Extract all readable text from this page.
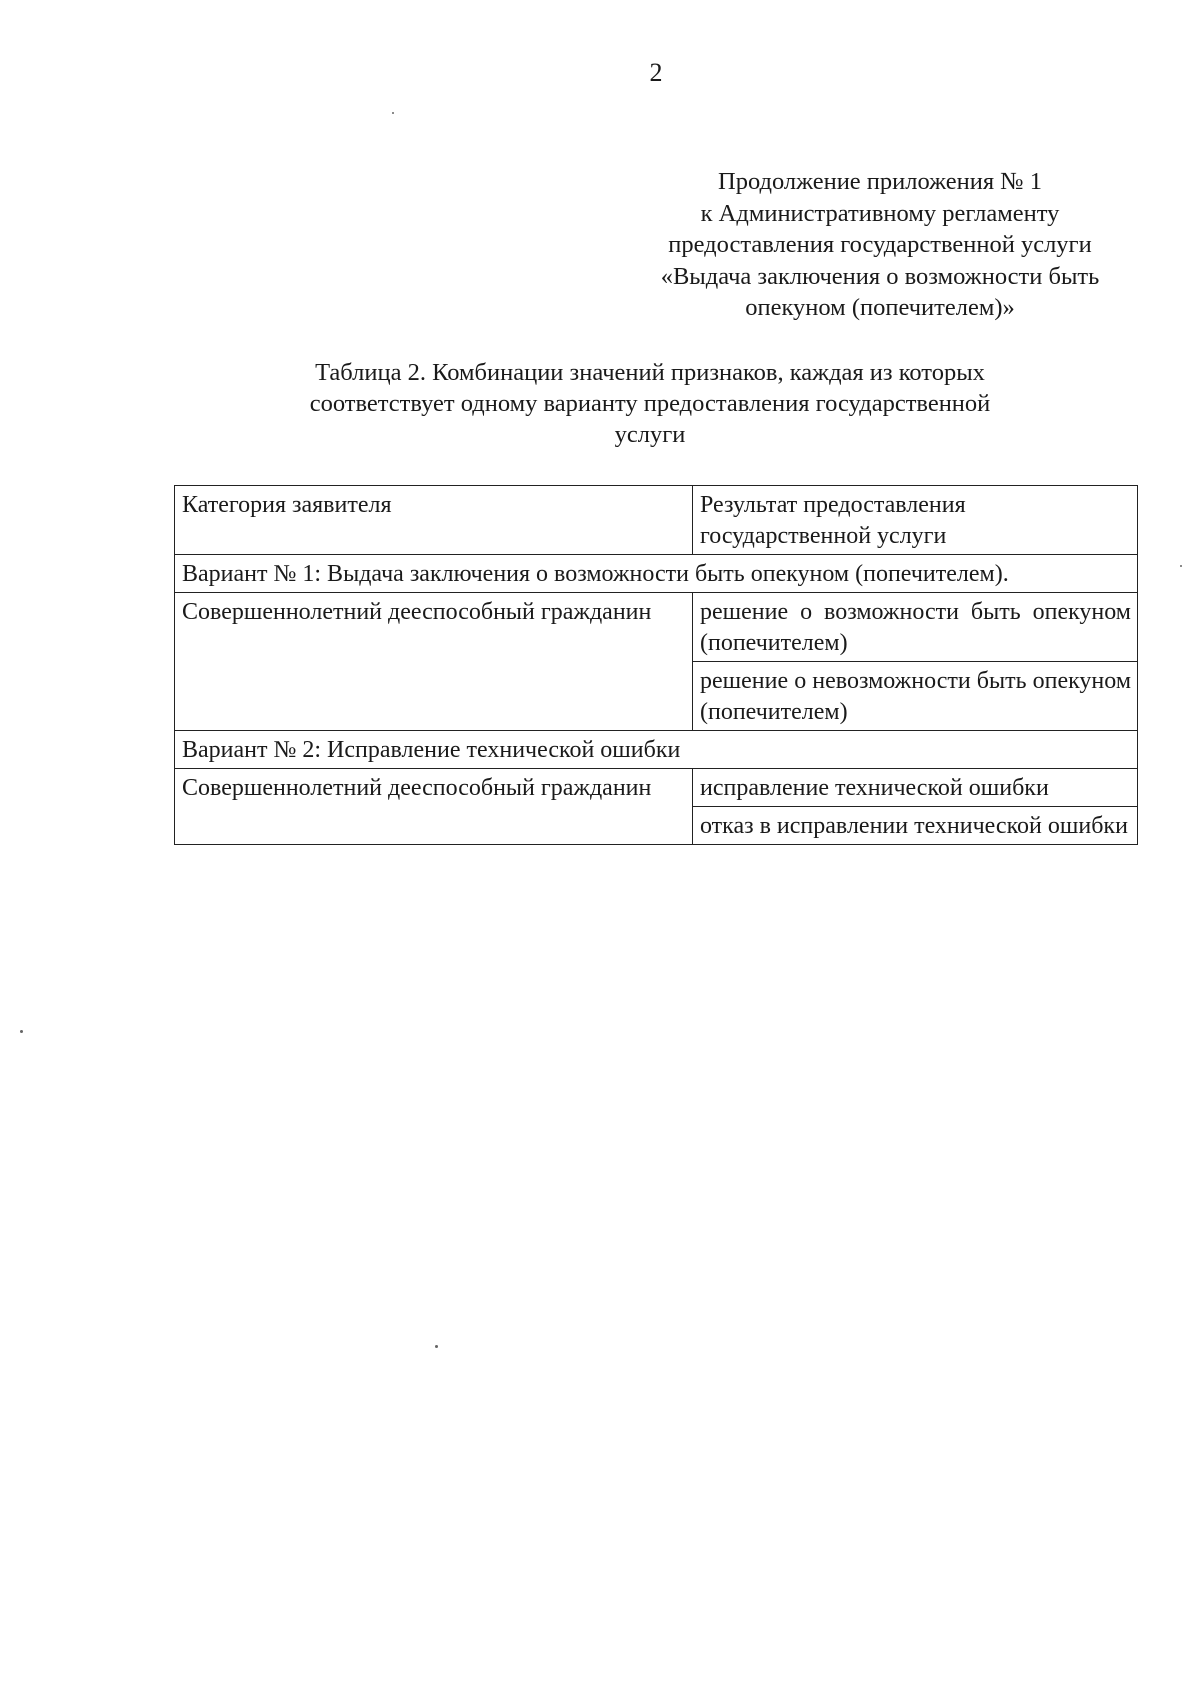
2
Продолжение приложения № 1
к Административному регламенту
предоставления государственной услуги
«Выдача заключения о возможности быть
опекуном (попечителем)»
Таблица 2. Комбинации значений признаков, каждая из которых
соответствует одному варианту предоставления государственной
услуги
Категория заявителя	Результат предоставления государственной услуги
Вариант № 1: Выдача заключения о возможности быть опекуном (попечителем).	
Совершеннолетний дееспособный гражданин	решение о возможности быть опекуном (попечителем)
	решение о невозможности быть опекуном (попечителем)
Вариант № 2: Исправление технической ошибки	
Совершеннолетний дееспособный гражданин	исправление технической ошибки
	отказ в исправлении технической ошибки
